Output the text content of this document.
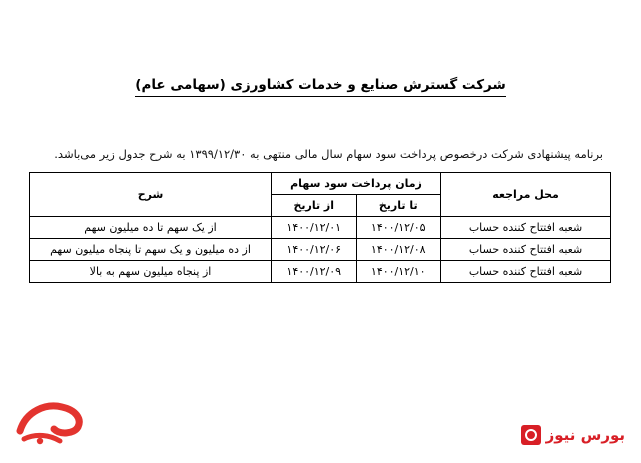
شرکت گسترش صنایع و خدمات کشاورزی (سهامی عام)

برنامه پیشنهادی شرکت درخصوص پرداخت سود سهام سال مالی منتهی به ۱۳۹۹/۱۲/۳۰ به شرح جدول زیر می‌باشد.

محل مراجعه	زمان پرداخت سود سهام		شرح
	تا تاریخ	از تاریخ	
شعبه افتتاح کننده حساب	۱۴۰۰/۱۲/۰۵	۱۴۰۰/۱۲/۰۱	از یک سهم تا ده میلیون سهم
شعبه افتتاح کننده حساب	۱۴۰۰/۱۲/۰۸	۱۴۰۰/۱۲/۰۶	از ده میلیون و یک سهم تا پنجاه میلیون سهم
شعبه افتتاح کننده حساب	۱۴۰۰/۱۲/۱۰	۱۴۰۰/۱۲/۰۹	از پنجاه میلیون سهم به بالا
بورس نیوز
